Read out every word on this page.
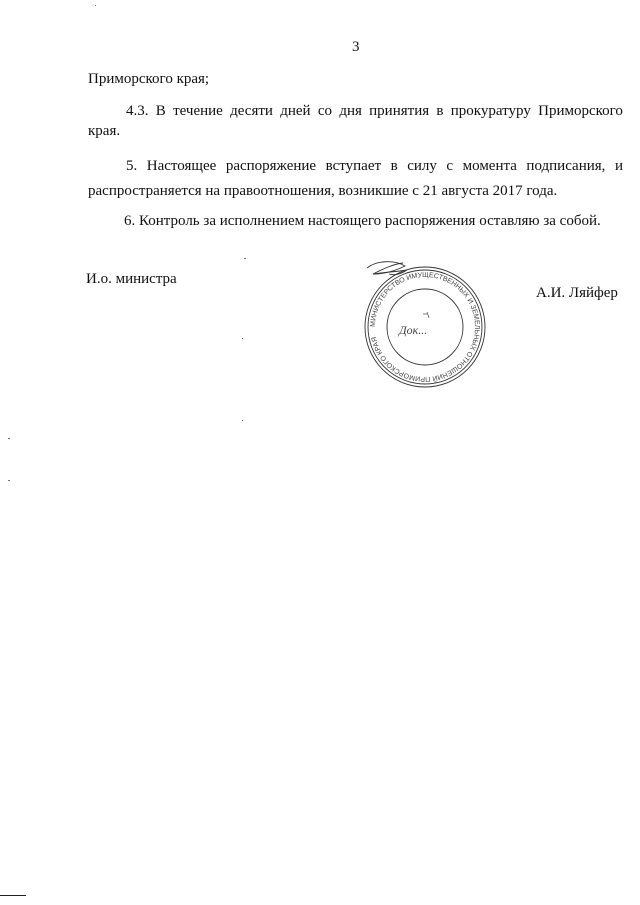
3
Приморского края;
4.3. В течение десяти дней со дня принятия в прокуратуру Приморского
края.
5. Настоящее распоряжение вступает в силу с момента подписания, и
распространяется на правоотношения, возникшие с 21 августа 2017 года.
6. Контроль за исполнением настоящего распоряжения оставляю за собой.
И.о. министра
А.И. Ляйфер
МИНИСТЕРСТВО ИМУЩЕСТВЕННЫХ И ЗЕМЕЛЬНЫХ ОТНОШЕНИЙ ПРИМОРСКОГО КРАЯ
Док...
